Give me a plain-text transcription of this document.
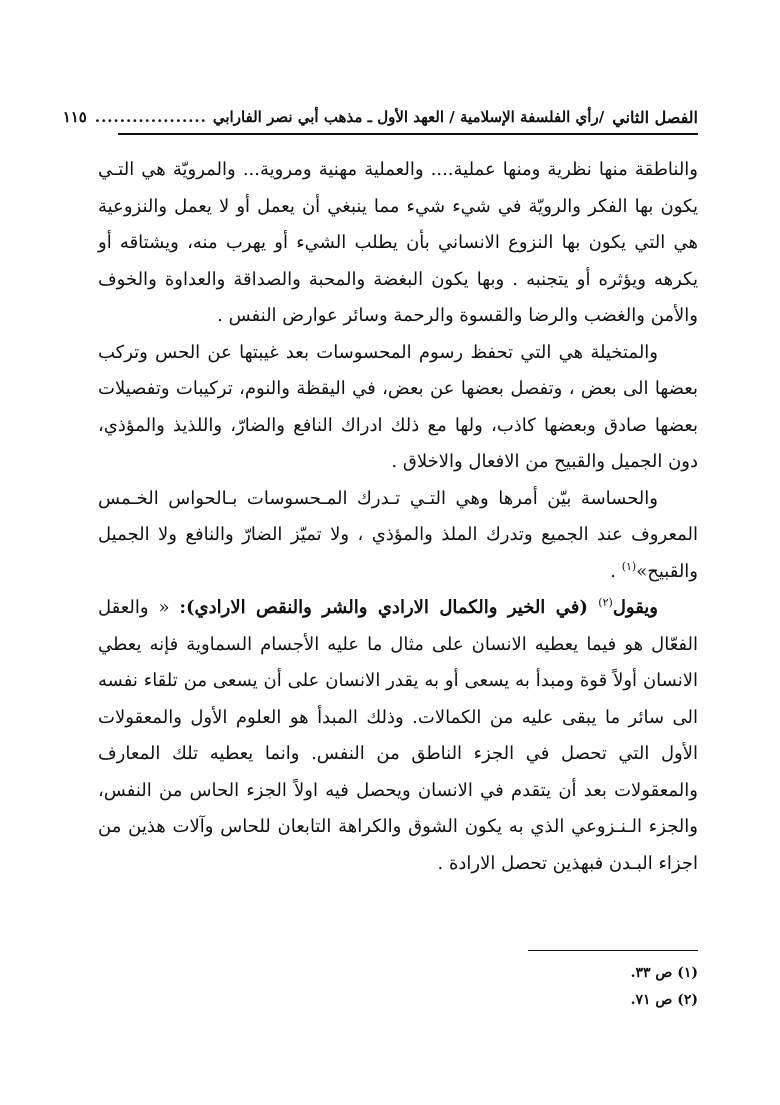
الفصل الثاني
/رأي الفلسفة الإسلامية / العهد الأول ـ مذهب أبي نصر الفارابي
..................
١١٥

والناطقة منها نظرية ومنها عملية.... والعملية مهنية ومروية... والمرويّة هي التـي يكون بها الفكر والرويّة في شيء شيء مما ينبغي أن يعمل أو لا يعمل والنزوعية هي التي يكون بها النزوع الانساني بأن يطلب الشيء أو يهرب منه، ويشتاقه أو يكرهه ويؤثره أو يتجنبه . وبها يكون البغضة والمحبة والصداقة والعداوة والخوف والأمن والغضب والرضا والقسوة والرحمة وسائر عوارض النفس .

والمتخيلة هي التي تحفظ رسوم المحسوسات بعد غيبتها عن الحس وتركب بعضها الى بعض ، وتفصل بعضها عن بعض، في اليقظة والنوم، تركيبات وتفصيلات بعضها صادق وبعضها كاذب، ولها مع ذلك ادراك النافع والضارّ، واللذيذ والمؤذي، دون الجميل والقبيح من الافعال والاخلاق .

والحساسة بيّن أمرها وهي التـي تـدرك المـحسوسات بـالحواس الخـمس المعروف عند الجميع وتدرك الملذ والمؤذي ، ولا تميّز الضارّ والنافع ولا الجميل والقبيح»$^{(١)}$ .

ويقول$^{(٢)}$ (في الخير والكمال الارادي والشر والنقص الارادي): « والعقل الفعّال هو فيما يعطيه الانسان على مثال ما عليه الأجسام السماوية فإنه يعطي الانسان أولاً قوة ومبدأ به يسعى أو به يقدر الانسان على أن يسعى من تلقاء نفسه الى سائر ما يبقى عليه من الكمالات. وذلك المبدأ هو العلوم الأول والمعقولات الأول التي تحصل في الجزء الناطق من النفس. وانما يعطيه تلك المعارف والمعقولات بعد أن يتقدم في الانسان ويحصل فيه اولاً الجزء الحاس من النفس، والجزء الـنـزوعي الذي به يكون الشوق والكراهة التابعان للحاس وآلات هذين من اجزاء البـدن فبهذين تحصل الارادة .

(١) ص ٣٣.
(٢) ص ٧١.
